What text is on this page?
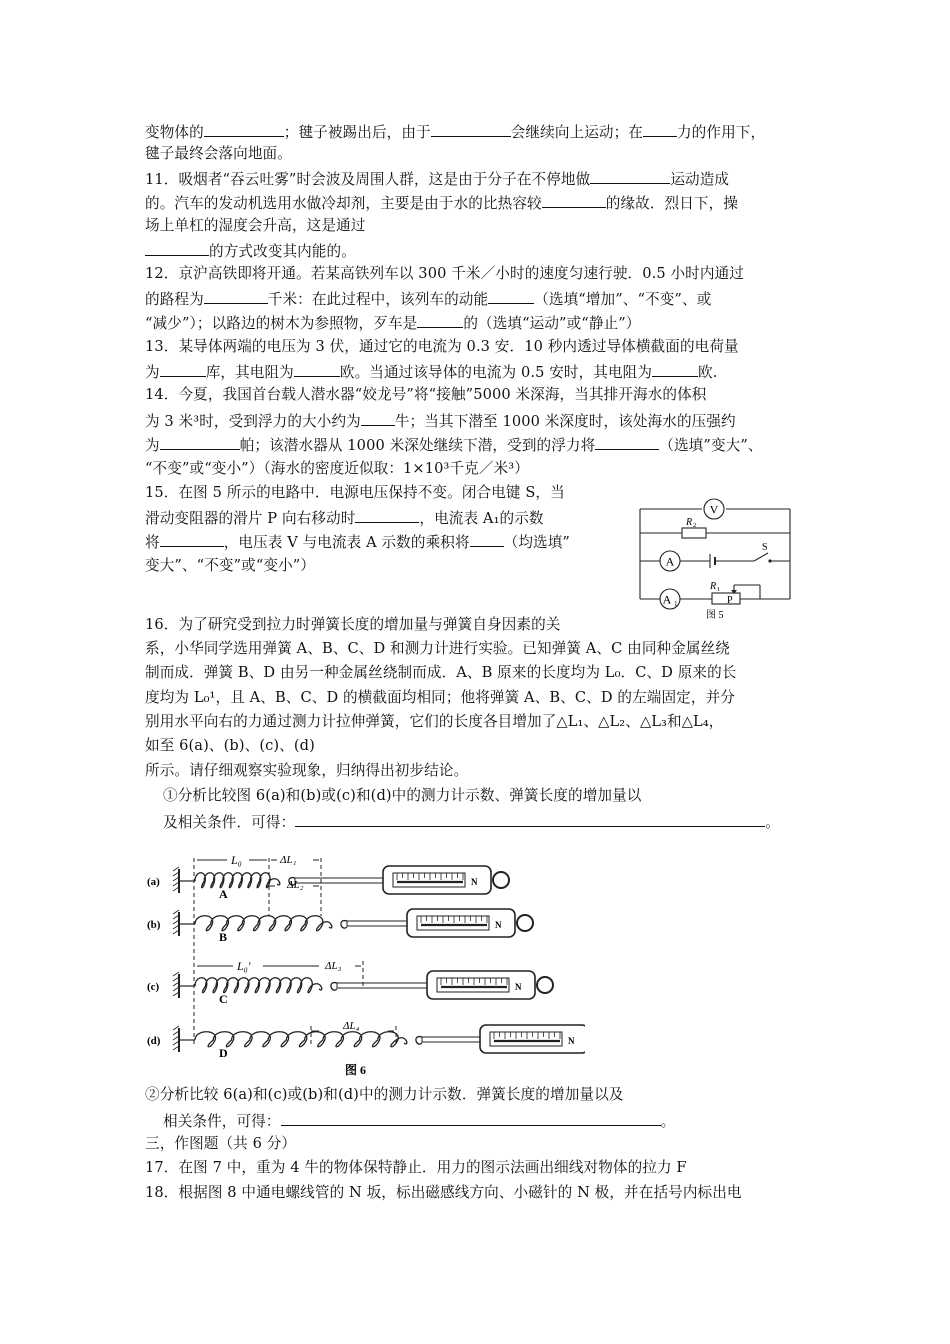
变物体的	；毽子被踢出后，由于	会继续向上运动；在 力的作用下，
毽子最终会落向地面。
11．吸烟者“吞云吐雾”时会波及周围人群，这是由于分子在不停地做	运动造成
的。汽车的发动机选用水做冷却剂，主要是由于水的比热容较	的缘故．烈日下，操
场上单杠的湿度会升高，这是通过
的方式改变其内能的。
12．京沪高铁即将开通。若某高铁列车以 300 千米／小时的速度匀速行驶．0.5 小时内通过
的路程为	千米：在此过程中，该列车的动能	（选填“增加”、“不变”、或
“减少”）；以路边的树木为参照物，歹车是	的（选填“运动”或“静止”）
13．某导体两端的电压为 3 伏，通过它的电流为 0.3 安．10 秒内透过导体横截面的电荷量
为	库，其电阻为	欧。当通过该导体的电流为 0.5 安时，其电阻为	欧.
14．今夏，我国首台载人潜水器“姣龙号”将“接触”5000 米深海，当其排开海水的体积
为 3 米³时，受到浮力的大小约为 牛；当其下潜至 1000 米深度时，该处海水的压强约
为	帕；该潜水器从 1000 米深处继续下潜，受到的浮力将	（选填”变大”、
“不变”或“变小”）（海水的密度近似取：1×10³千克／米³）
15．在图 5 所示的电路中．电源电压保持不变。闭合电键 S，当
滑动变阻器的滑片 P 向右移动时	，电流表 A₁的示数
将	，电压表 V 与电流表 A 示数的乘积将 （均选填”
变大”、“不变”或“变小”）
16．为了研究受到拉力时弹簧长度的增加量与弹簧自身因素的关
系，小华同学选用弹簧 A、B、C、D 和测力计进行实验。已知弹簧 A、C 由同种金属丝绕
制而成．弹簧 B、D 由另一种金属丝绕制而成．A、B 原来的长度均为 L₀．C、D 原来的长
度均为 L₀¹，且 A、B、C、D 的横截面均相同；他将弹簧 A、B、C、D 的左端固定，并分
别用水平向右的力通过测力计拉伸弹簧，它们的长度各目增加了△L₁、△L₂、△L₃和△L₄，
如至 6(a)、(b)、(c)、(d)
所示。请仔细观察实验现象，归纳得出初步结论。
①分析比较图 6(a)和(b)或(c)和(d)中的测力计示数、弹簧长度的增加量以
及相关条件．可得：	。
②分析比较 6(a)和(c)或(b)和(d)中的测力计示数．弹簧长度的增加量以及
相关条件，可得：	。
三，作图题（共 6 分）
17．在图 7 中，重为 4 牛的物体保特静止．用力的图示法画出细线对物体的拉力 F
18．根据图 8 中通电螺线管的 N 坂，标出磁感线方向、小磁针的 N 极，并在括号内标出电
V
A
A 1
R 2
R 1
P
S
图 5
(a)
A
N
(b)
B
N
(c)
C
N
(d)
D
N
L₀	ΔL₁
ΔL₂
L₀′	ΔL₃
ΔL₄
图 6
